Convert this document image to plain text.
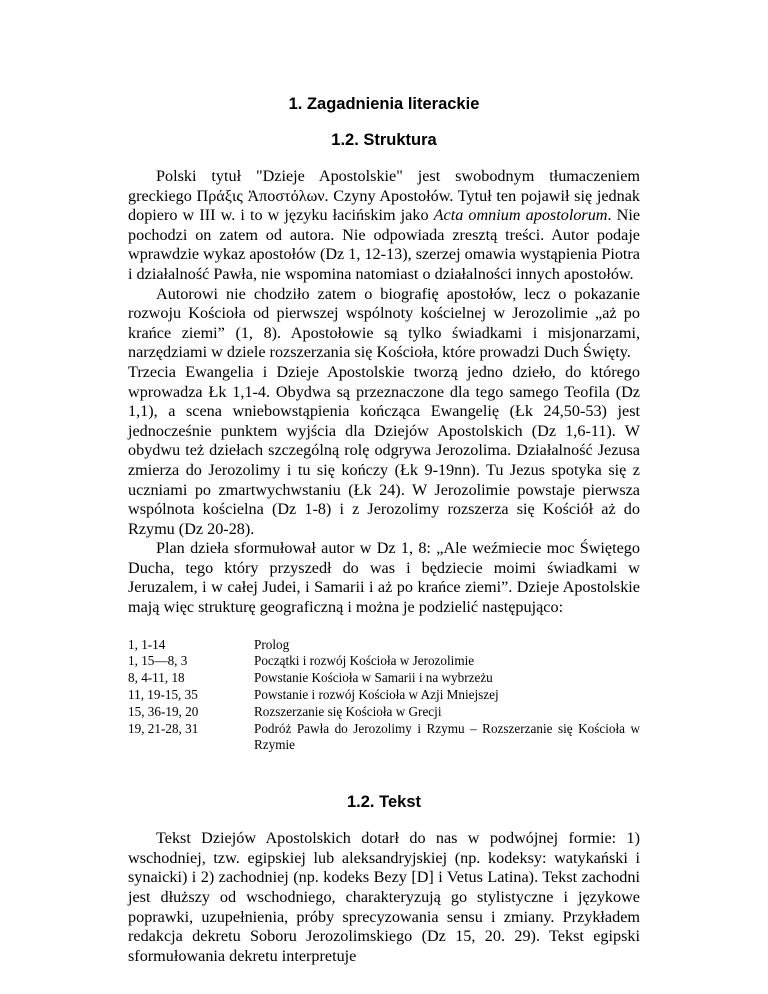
1. Zagadnienia literackie
1.2. Struktura

Polski tytuł "Dzieje Apostolskie" jest swobodnym tłumaczeniem greckiego Πράξις Ἀποστόλων. Czyny Apostołów. Tytuł ten pojawił się jednak dopiero w III w. i to w języku łacińskim jako Acta omnium apostolorum. Nie pochodzi on zatem od autora. Nie odpowiada zresztą treści. Autor podaje wprawdzie wykaz apostołów (Dz 1, 12-13), szerzej omawia wystąpienia Piotra i działalność Pawła, nie wspomina natomiast o działalności innych apostołów.

Autorowi nie chodziło zatem o biografię apostołów, lecz o pokazanie rozwoju Kościoła od pierwszej wspólnoty kościelnej w Jerozolimie „aż po krańce ziemi” (1, 8). Apostołowie są tylko świadkami i misjonarzami, narzędziami w dziele rozszerzania się Kościoła, które prowadzi Duch Święty.

Trzecia Ewangelia i Dzieje Apostolskie tworzą jedno dzieło, do którego wprowadza Łk 1,1-4. Obydwa są przeznaczone dla tego samego Teofila (Dz 1,1), a scena wniebowstąpienia kończąca Ewangelię (Łk 24,50-53) jest jednocześnie punktem wyjścia dla Dziejów Apostolskich (Dz 1,6-11). W obydwu też dziełach szczególną rolę odgrywa Jerozolima. Działalność Jezusa zmierza do Jerozolimy i tu się kończy (Łk 9-19nn). Tu Jezus spotyka się z uczniami po zmartwychwstaniu (Łk 24). W Jerozolimie powstaje pierwsza wspólnota kościelna (Dz 1-8) i z Jerozolimy rozszerza się Kościół aż do Rzymu (Dz 20-28).

Plan dzieła sformułował autor w Dz 1, 8: „Ale weźmiecie moc Świętego Ducha, tego który przyszedł do was i będziecie moimi świadkami w Jeruzalem, i w całej Judei, i Samarii i aż po krańce ziemi”. Dzieje Apostolskie mają więc strukturę geograficzną i można je podzielić następująco:

1, 1-14	Prolog
1, 15—8, 3	Początki i rozwój Kościoła w Jerozolimie
8, 4-11, 18	Powstanie Kościoła w Samarii i na wybrzeżu
11, 19-15, 35	Powstanie i rozwój Kościoła w Azji Mniejszej
15, 36-19, 20	Rozszerzanie się Kościoła w Grecji
19, 21-28, 31	Podróż Pawła do Jerozolimy i Rzymu – Rozszerzanie się Kościoła w Rzymie
1.2. Tekst

Tekst Dziejów Apostolskich dotarł do nas w podwójnej formie: 1) wschodniej, tzw. egipskiej lub aleksandryjskiej (np. kodeksy: watykański i synaicki) i 2) zachodniej (np. kodeks Bezy [D] i Vetus Latina). Tekst zachodni jest dłuższy od wschodniego, charakteryzują go stylistyczne i językowe poprawki, uzupełnienia, próby sprecyzowania sensu i zmiany. Przykładem redakcja dekretu Soboru Jerozolimskiego (Dz 15, 20. 29). Tekst egipski sformułowania dekretu interpretuje
